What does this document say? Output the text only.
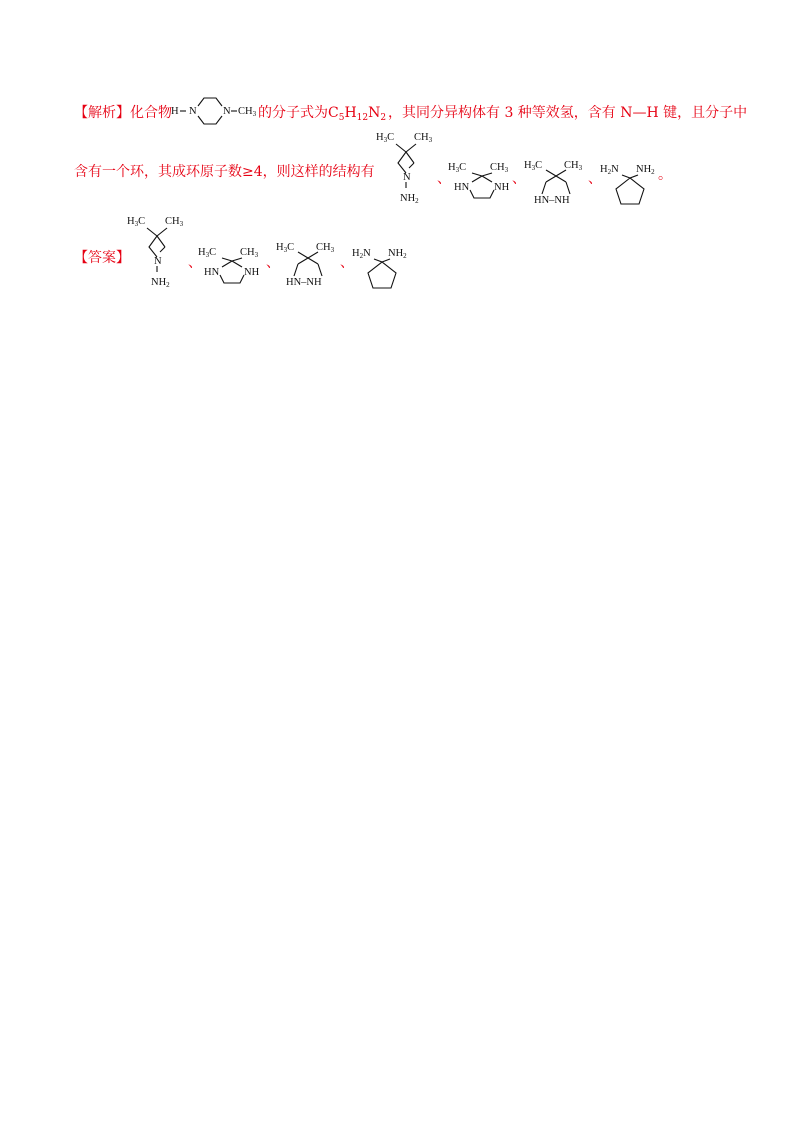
【解析】 化合物 H N	N $CH_3$ 的分子式为 $C_5H_{12}N_2$ ，其同分异构体有 3 种等效氢，含有 N—H 键，且分子中
含有一个环，其成环原子数≥4，则这样的结构有
$H_3C$ $CH_3$
N
$NH_2$
、
$H_3C$ $CH_3$
HN NH
、
$H_3C$ $CH_3$
HN–NH
、
$H_2N$ $NH_2$ 。
【答案】
$H_3C$ $CH_3$
N
$NH_2$
、
$H_3C$ $CH_3$
HN NH
、
$H_3C$ $CH_3$
HN–NH
、
$H_2N$ $NH_2$
